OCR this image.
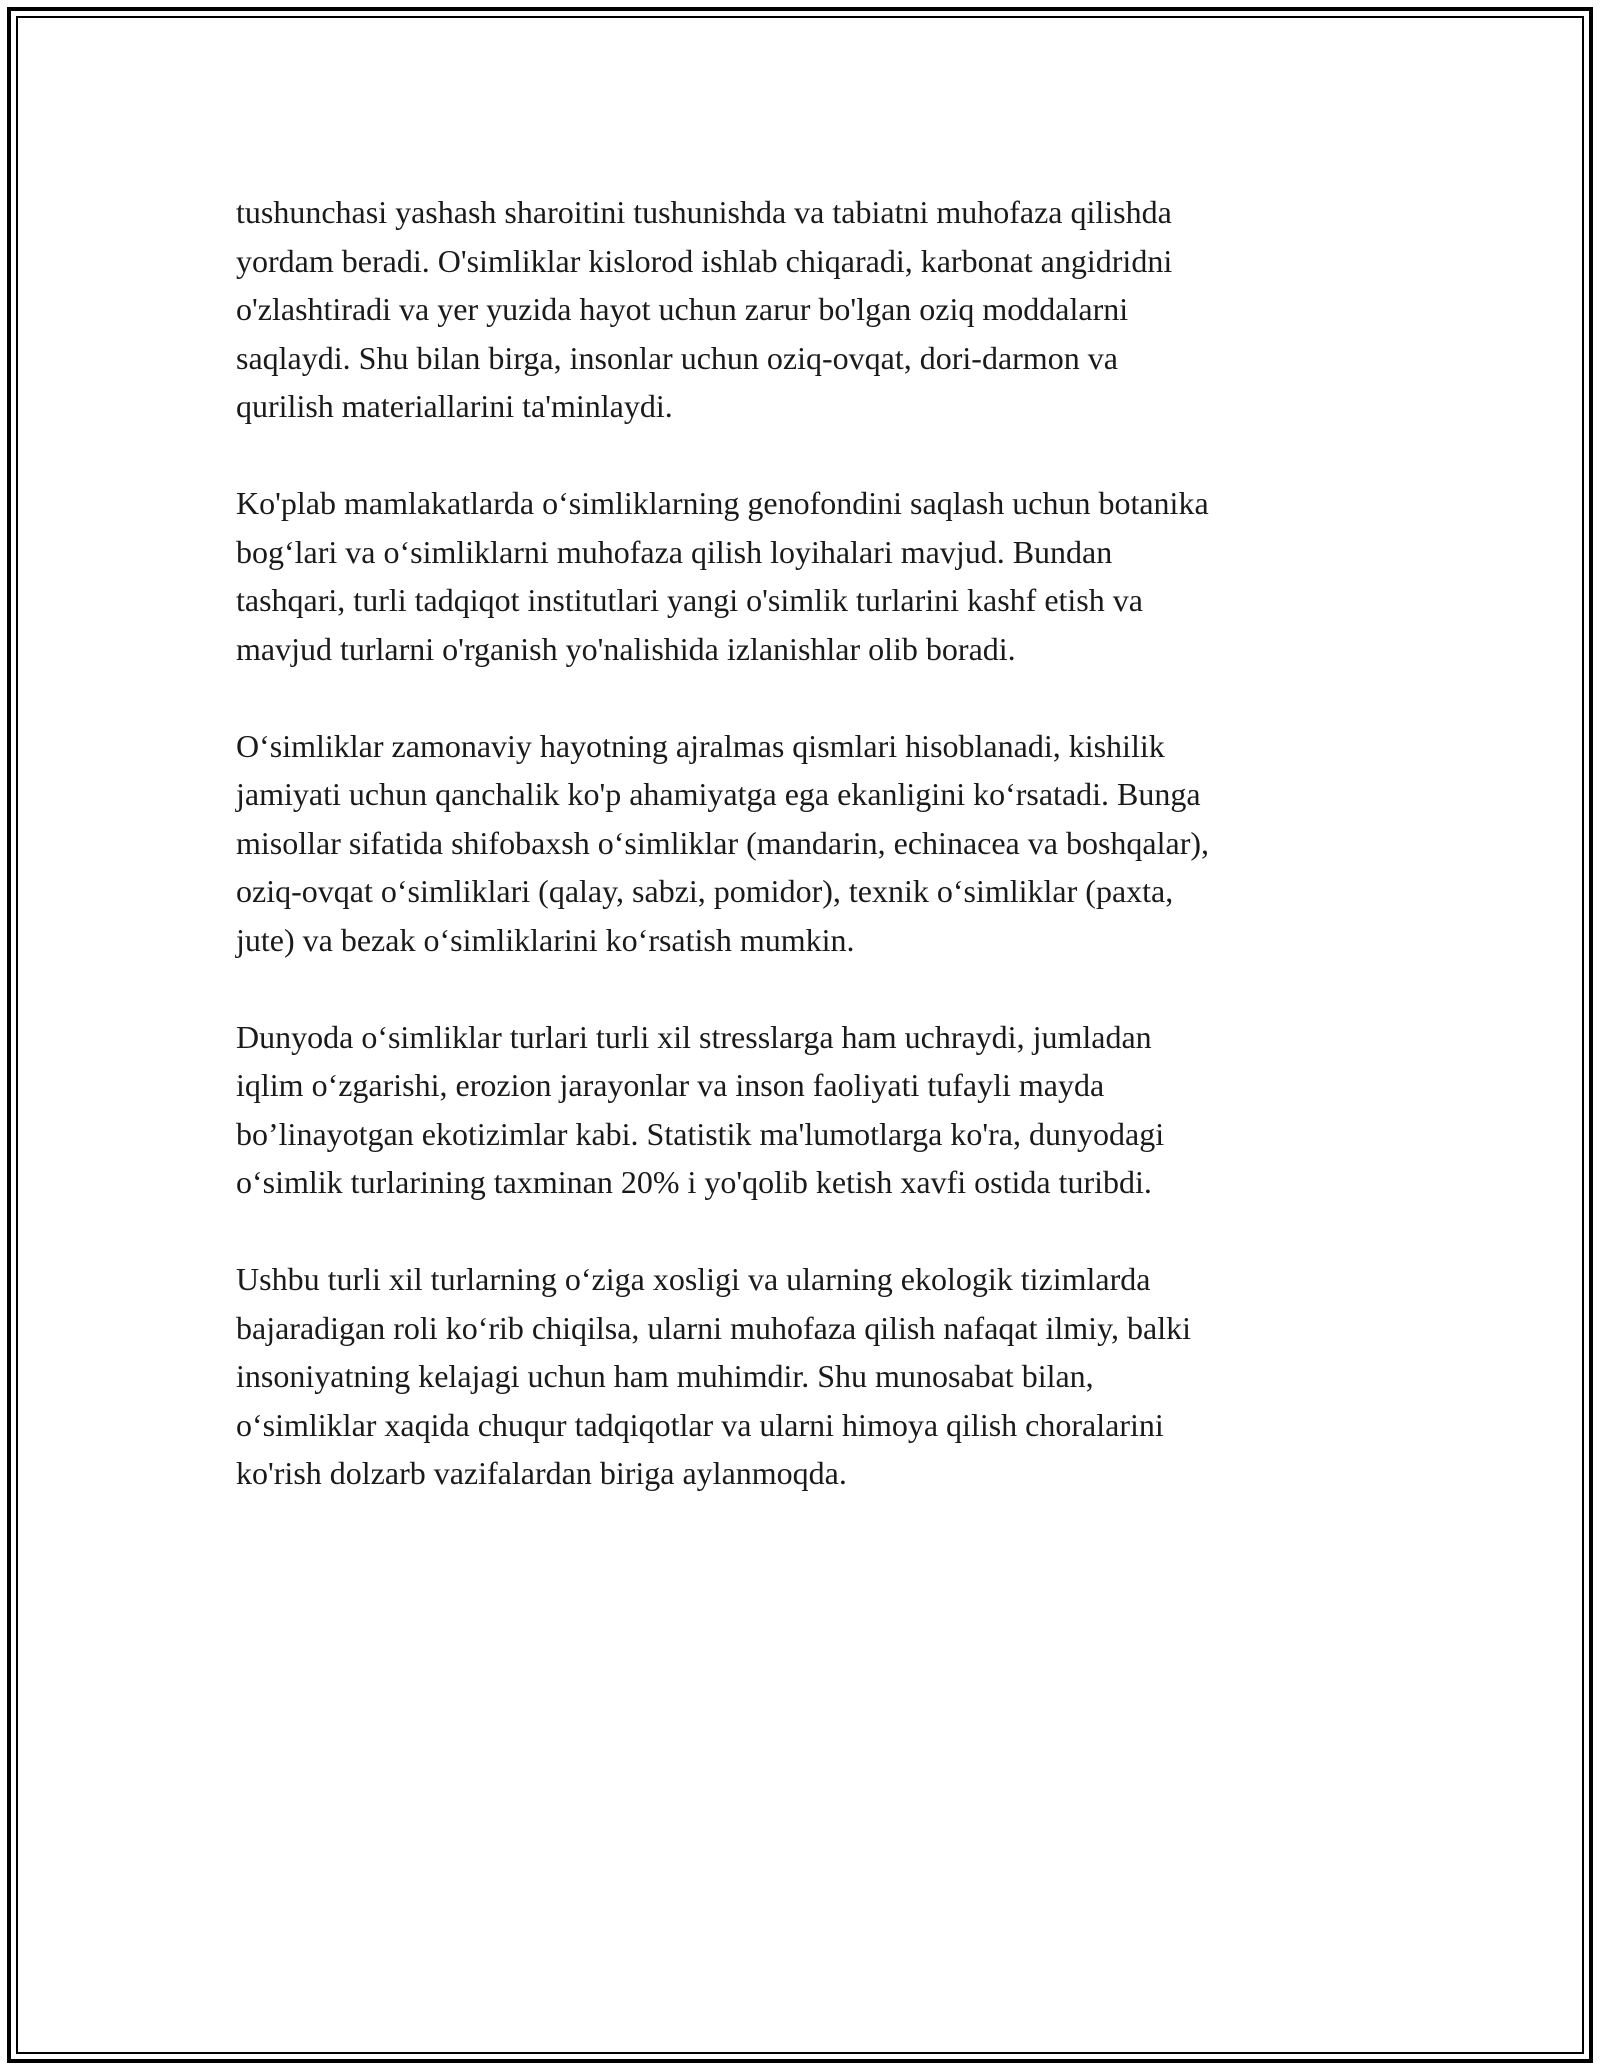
tushunchasi yashash sharoitini tushunishda va tabiatni muhofaza qilishda
yordam beradi. O'simliklar kislorod ishlab chiqaradi, karbonat angidridni
o'zlashtiradi va yer yuzida hayot uchun zarur bo'lgan oziq moddalarni
saqlaydi. Shu bilan birga, insonlar uchun oziq-ovqat, dori-darmon va
qurilish materiallarini ta'minlaydi.

Ko'plab mamlakatlarda o‘simliklarning genofondini saqlash uchun botanika
bog‘lari va o‘simliklarni muhofaza qilish loyihalari mavjud. Bundan
tashqari, turli tadqiqot institutlari yangi o'simlik turlarini kashf etish va
mavjud turlarni o'rganish yo'nalishida izlanishlar olib boradi.

O‘simliklar zamonaviy hayotning ajralmas qismlari hisoblanadi, kishilik
jamiyati uchun qanchalik ko'p ahamiyatga ega ekanligini ko‘rsatadi. Bunga
misollar sifatida shifobaxsh o‘simliklar (mandarin, echinacea va boshqalar),
oziq-ovqat o‘simliklari (qalay, sabzi, pomidor), texnik o‘simliklar (paxta,
jute) va bezak o‘simliklarini ko‘rsatish mumkin.

Dunyoda o‘simliklar turlari turli xil stresslarga ham uchraydi, jumladan
iqlim o‘zgarishi, erozion jarayonlar va inson faoliyati tufayli mayda
bo’linayotgan ekotizimlar kabi. Statistik ma'lumotlarga ko'ra, dunyodagi
o‘simlik turlarining taxminan 20% i yo'qolib ketish xavfi ostida turibdi.

Ushbu turli xil turlarning o‘ziga xosligi va ularning ekologik tizimlarda
bajaradigan roli ko‘rib chiqilsa, ularni muhofaza qilish nafaqat ilmiy, balki
insoniyatning kelajagi uchun ham muhimdir. Shu munosabat bilan,
o‘simliklar xaqida chuqur tadqiqotlar va ularni himoya qilish choralarini
ko'rish dolzarb vazifalardan biriga aylanmoqda.
